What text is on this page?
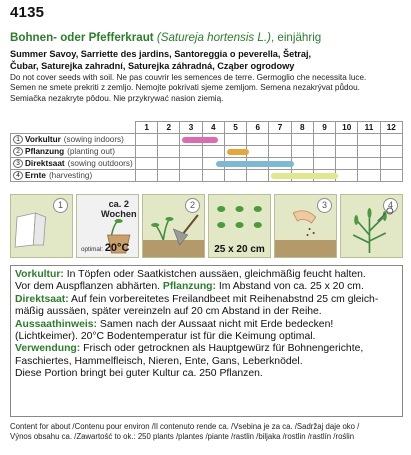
4135
Bohnen- oder Pfefferkraut (Satureja hortensis L.), einjährig
Summer Savoy, Sarriette des jardins, Santoreggia o peverella, Šetraj,
Čubar, Saturejka zahradní, Saturejka záhradná, Cząber ogrodowy
Do not cover seeds with soil. Ne pas couvrir les semences de terre. Germoglio che necessita luce.
Semen ne smete prekriti z zemljo. Nemojte pokrivati sjeme zemljom. Semena nezakrývat půdou.
Semiačka nezakryte pôdou. Nie przykrywać nasion ziemią.
	1	2	3	4	5	6	7	8	9	10	11	12
1 Vorkultur (sowing indoors)	

2 Pflanzung (planting out)	

3 Direktsaat (sowing outdoors)	

4 Ernte (harvesting)	

1	ca. 2
Wochen
optimal: 20°C
2
25 x 20 cm
3	4

Vorkultur: In Töpfen oder Saatkistchen aussäen, gleichmäßig feucht halten.

Vor dem Auspflanzen abhärten. Pflanzung: Im Abstand von ca. 25 x 20 cm.

Direktsaat: Auf fein vorbereitetes Freilandbeet mit Reihenabstnd 25 cm gleich-

mäßig aussäen, später vereinzeln auf 20 cm Abstand in der Reihe.

Aussaathinweis: Samen nach der Aussaat nicht mit Erde bedecken!

(Lichtkeimer). 20°C Bodentemperatur ist für die Keimung optimal.

Verwendung: Frisch oder getrocknen als Hauptgewürz für Bohnengerichte,

Faschiertes, Hammelfleisch, Nieren, Ente, Gans, Leberknödel.

Diese Portion bringt bei guter Kultur ca. 250 Pflanzen.

Content for about /Contenu pour environ /Il contenuto rende ca. /Vsebina je za ca. /Sadržaj daje oko /
Výnos obsahu ca. /Zawartość to ok.: 250 plants /plantes /piante /rastlin /biljaka /rostlin /rastlín /roślin
